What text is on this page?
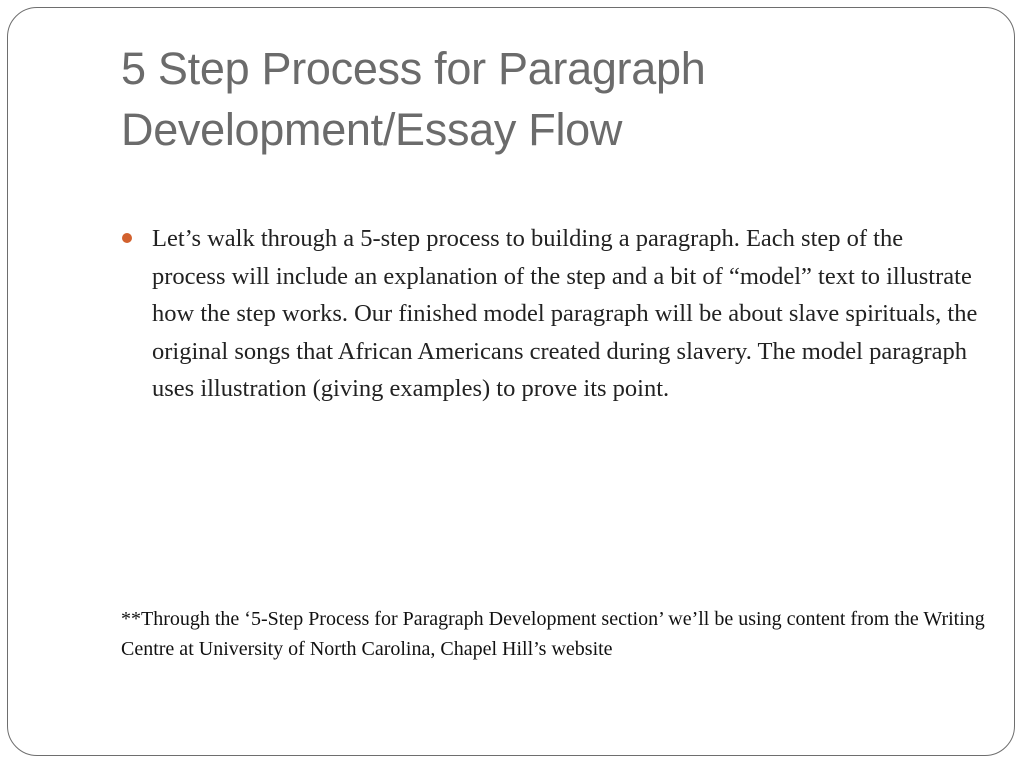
5 Step Process for Paragraph Development/Essay Flow
Let’s walk through a 5-step process to building a paragraph. Each step of the process will include an explanation of the step and a bit of “model” text to illustrate how the step works. Our finished model paragraph will be about slave spirituals, the original songs that African Americans created during slavery. The model paragraph uses illustration (giving examples) to prove its point.

**Through the ‘5-Step Process for Paragraph Development section’ we’ll be using content from the Writing Centre at University of North Carolina, Chapel Hill’s website
